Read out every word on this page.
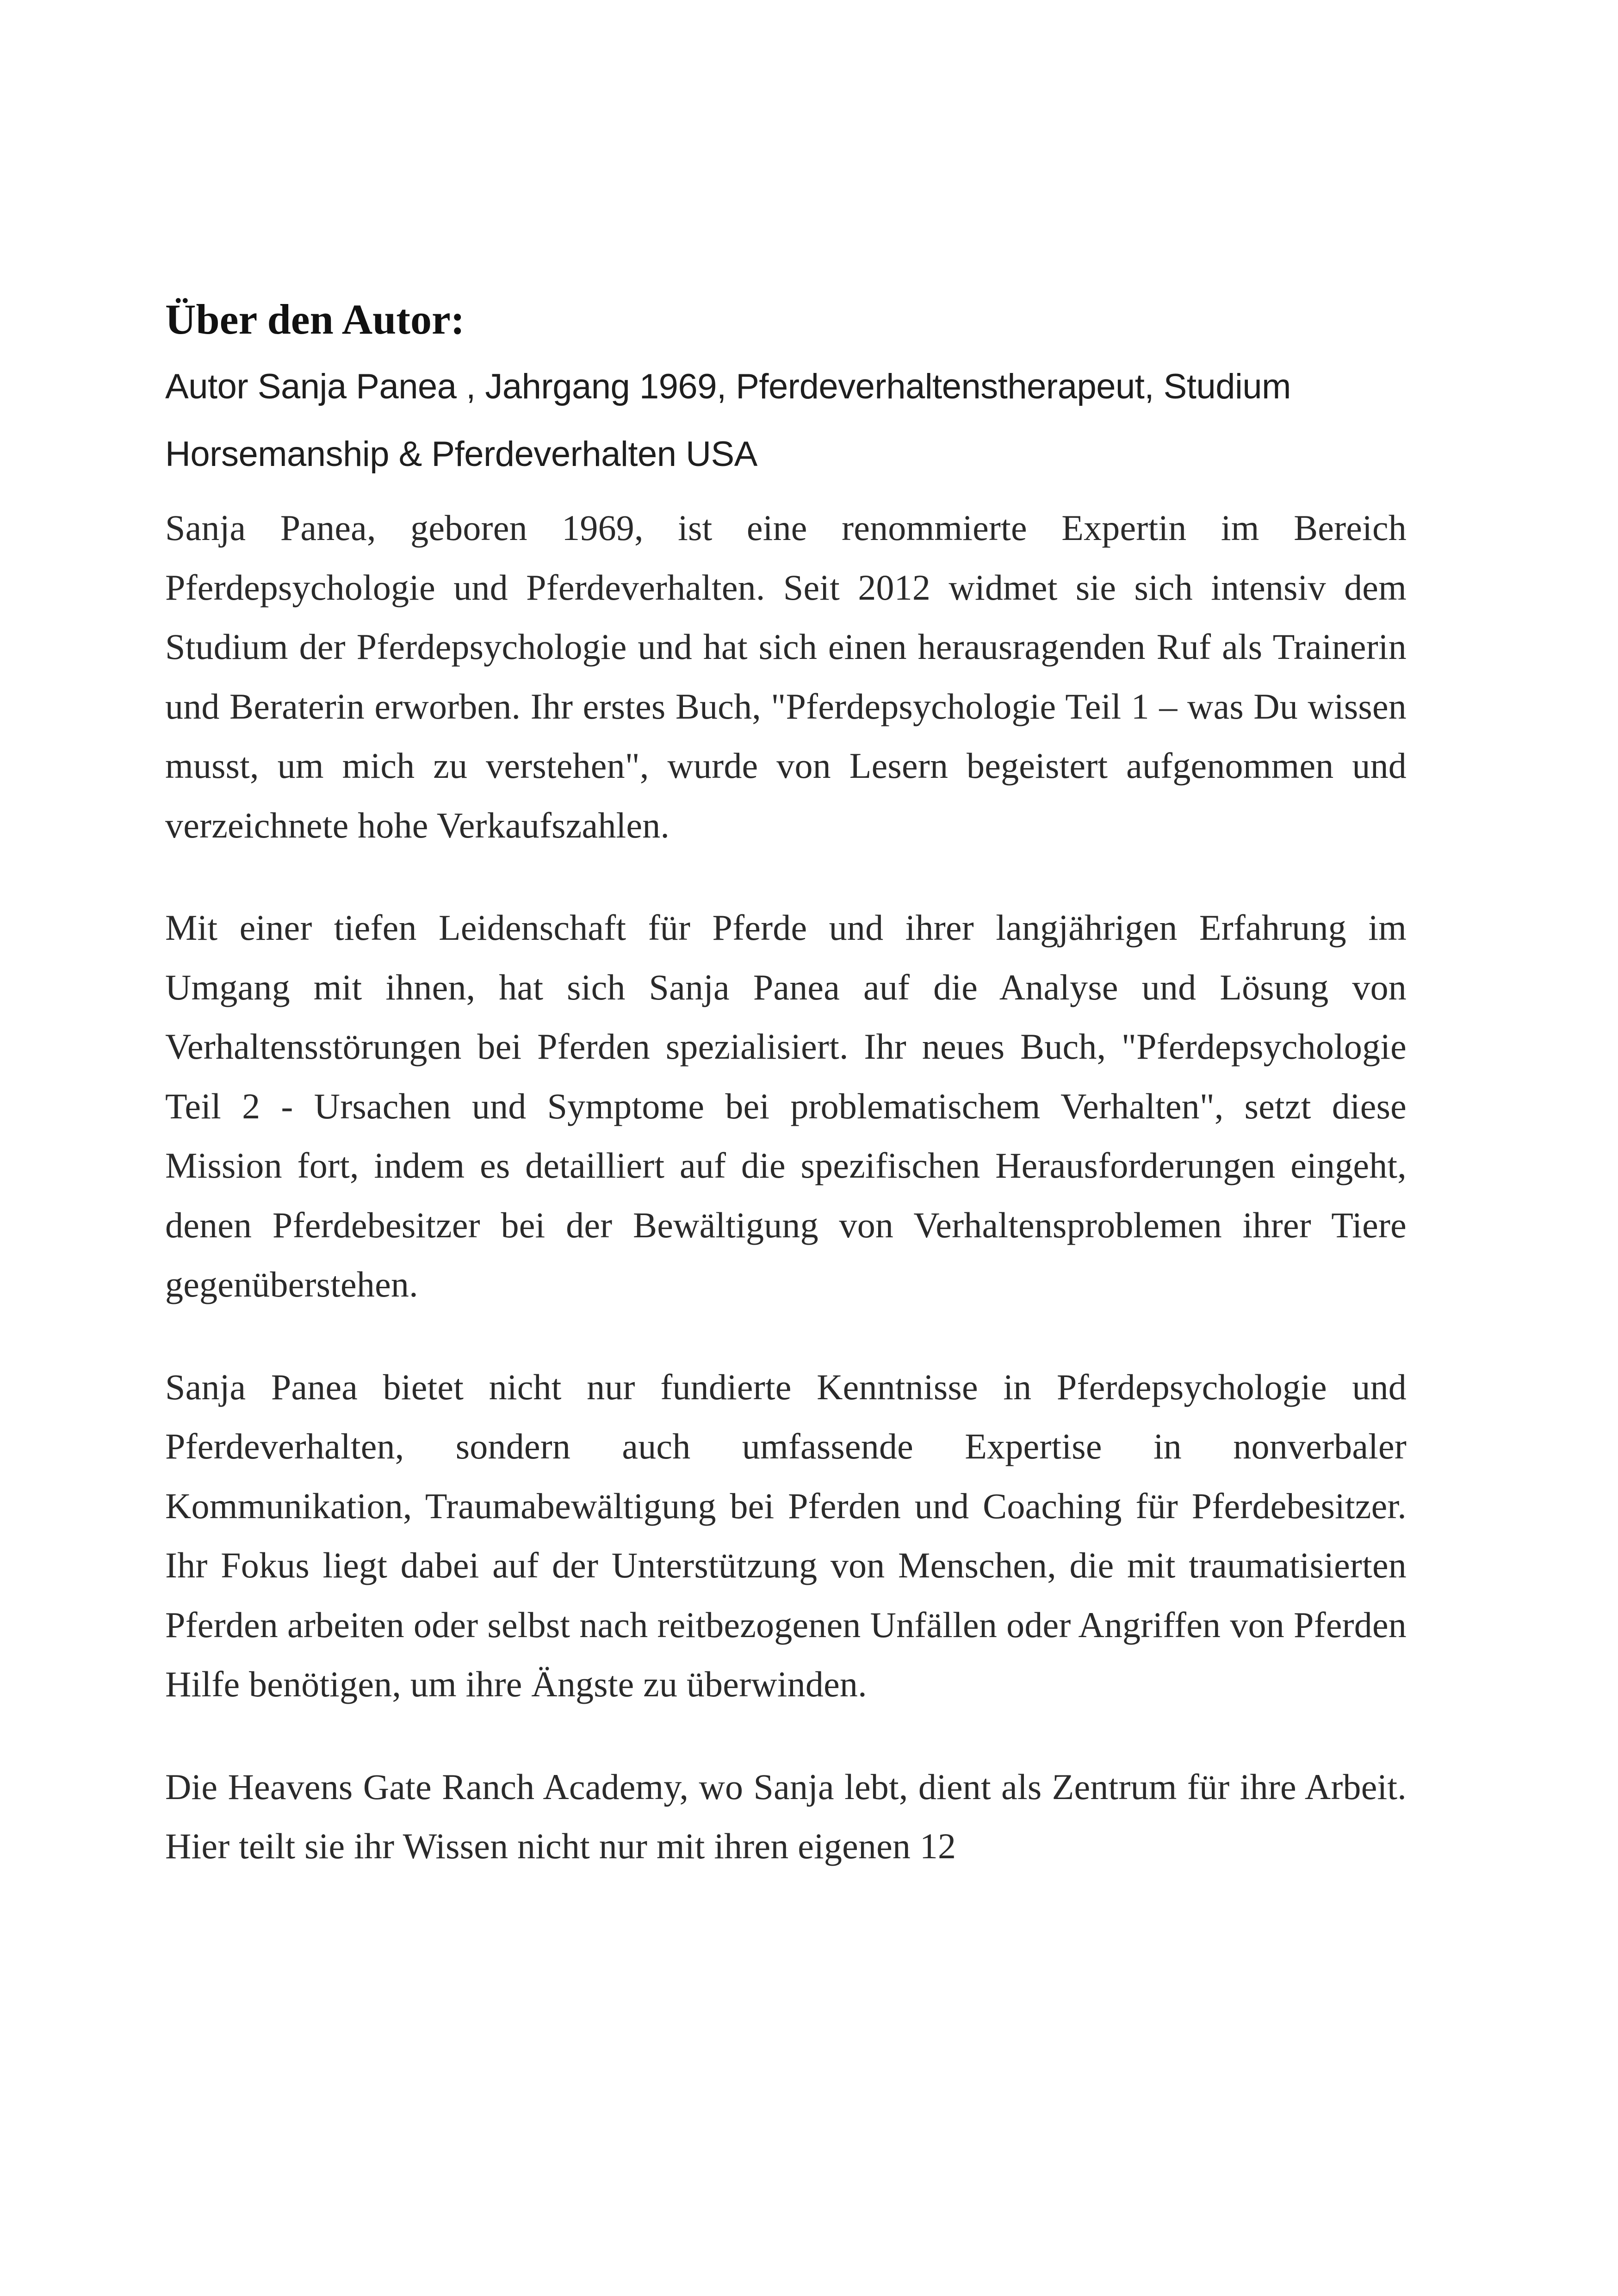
Über den Autor:

Autor Sanja Panea , Jahrgang 1969, Pferdeverhaltenstherapeut, Studium Horsemanship & Pferdeverhalten USA

Sanja Panea, geboren 1969, ist eine renommierte Expertin im Bereich Pferdepsychologie und Pferdeverhalten. Seit 2012 widmet sie sich intensiv dem Studium der Pferdepsychologie und hat sich einen herausragenden Ruf als Trainerin und Beraterin erworben. Ihr erstes Buch, "Pferdepsychologie Teil 1 – was Du wissen musst, um mich zu verstehen", wurde von Lesern begeistert aufgenommen und verzeichnete hohe Verkaufszahlen.

Mit einer tiefen Leidenschaft für Pferde und ihrer langjährigen Erfahrung im Umgang mit ihnen, hat sich Sanja Panea auf die Analyse und Lösung von Verhaltensstörungen bei Pferden spezialisiert. Ihr neues Buch, "Pferdepsychologie Teil 2 - Ursachen und Symptome bei problematischem Verhalten", setzt diese Mission fort, indem es detailliert auf die spezifischen Herausforderungen eingeht, denen Pferdebesitzer bei der Bewältigung von Verhaltensproblemen ihrer Tiere gegenüberstehen.

Sanja Panea bietet nicht nur fundierte Kenntnisse in Pferdepsychologie und Pferdeverhalten, sondern auch umfassende Expertise in nonverbaler Kommunikation, Traumabewältigung bei Pferden und Coaching für Pferdebesitzer. Ihr Fokus liegt dabei auf der Unterstützung von Menschen, die mit traumatisierten Pferden arbeiten oder selbst nach reitbezogenen Unfällen oder Angriffen von Pferden Hilfe benötigen, um ihre Ängste zu überwinden.

Die Heavens Gate Ranch Academy, wo Sanja lebt, dient als Zentrum für ihre Arbeit. Hier teilt sie ihr Wissen nicht nur mit ihren eigenen 12
